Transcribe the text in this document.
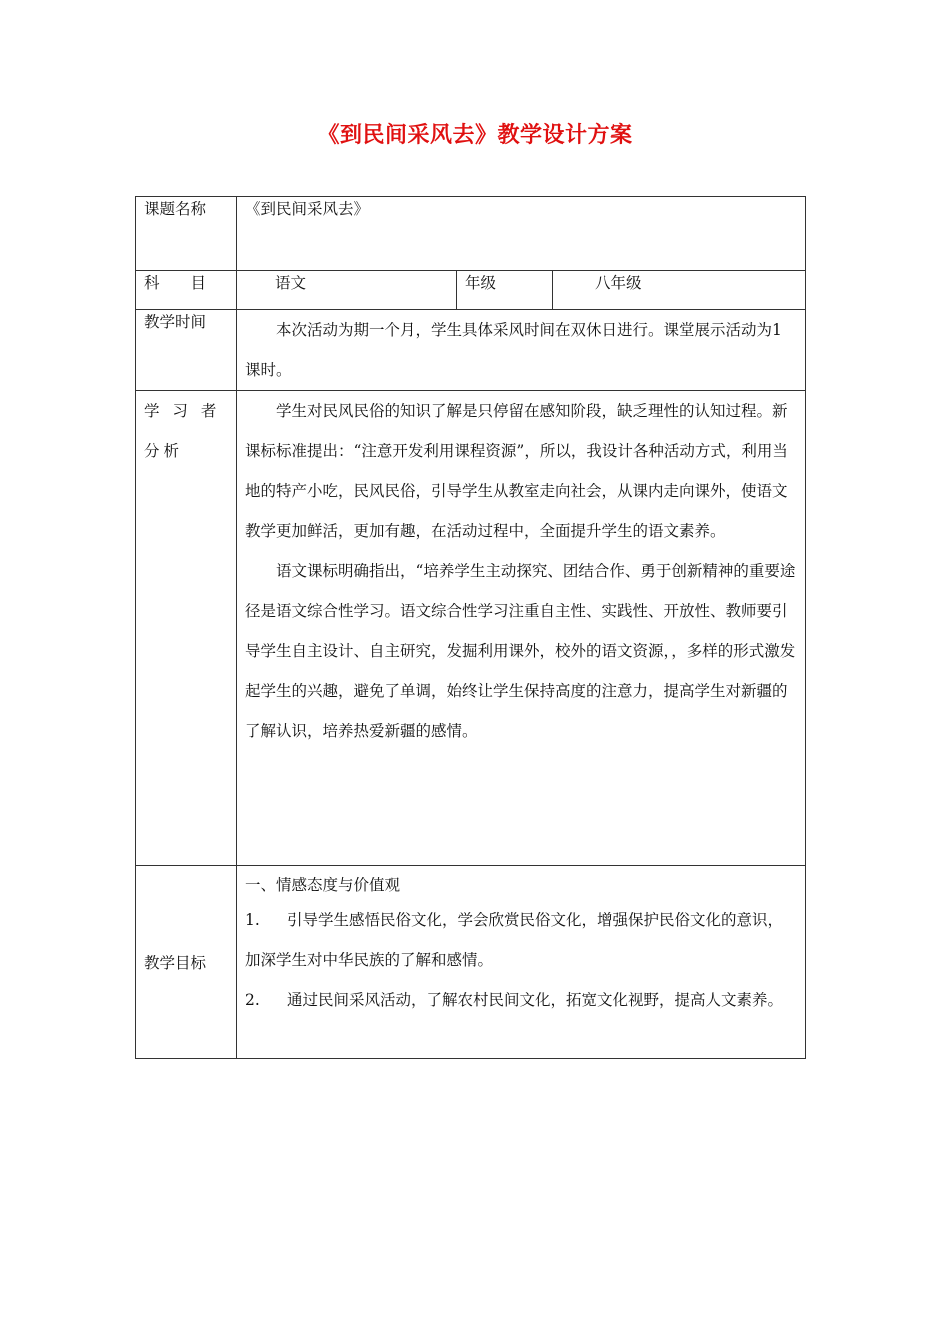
《到民间采风去》教学设计方案
课题名称	《到民间采风去》		
科　　目	语文	年级	八年级
教学时间	本次活动为期一个月，学生具体采风时间在双休日进行。课堂展示活动为1课时。		

学 习 者 分析	学生对民风民俗的知识了解是只停留在感知阶段，缺乏理性的认知过程。新课标标准提出：“注意开发利用课程资源”，所以，我设计各种活动方式，利用当地的特产小吃，民风民俗，引导学生从教室走向社会，从课内走向课外，使语文教学更加鲜活，更加有趣，在活动过程中，全面提升学生的语文素养。

语文课标明确指出，“培养学生主动探究、团结合作、勇于创新精神的重要途径是语文综合性学习。语文综合性学习注重自主性、实践性、开放性、教师要引导学生自主设计、自主研究，发掘利用课外，校外的语文资源，，多样的形式激发起学生的兴趣，避免了单调，始终让学生保持高度的注意力，提高学生对新疆的了解认识，培养热爱新疆的感情。		

教学目标	一、情感态度与价值观

1. 引导学生感悟民俗文化，学会欣赏民俗文化，增强保护民俗文化的意识，加深学生对中华民族的了解和感情。

2. 通过民间采风活动，了解农村民间文化，拓宽文化视野，提高人文素养。		
